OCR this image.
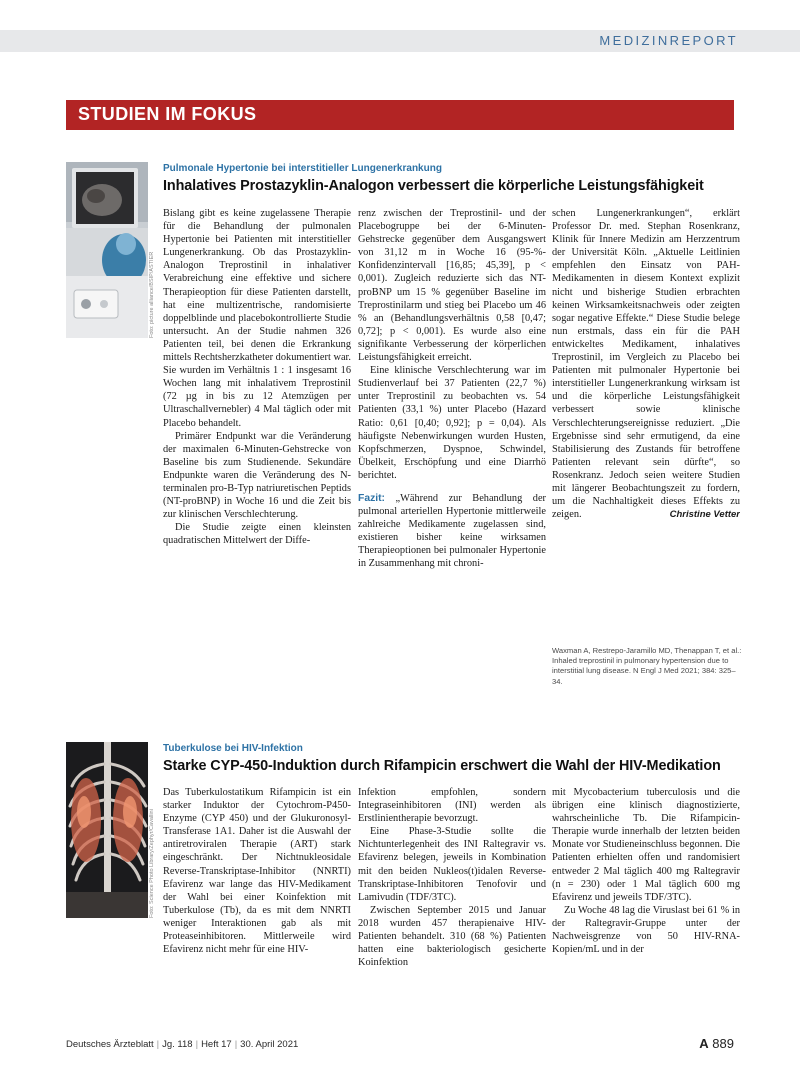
MEDIZINREPORT
STUDIEN IM FOKUS
Foto: picture alliance/BSIP/ASTIER
Pulmonale Hypertonie bei interstitieller Lungenerkrankung
Inhalatives Prostazyklin-Analogon verbessert die körperliche Leistungsfähigkeit

Bislang gibt es keine zugelassene Therapie für die Behandlung der pulmonalen Hypertonie bei Patienten mit interstitieller Lungenerkrankung. Ob das Prostazyklin-Analogon Treprostinil in inhalativer Verabreichung eine effektive und sichere Therapieoption für diese Patienten darstellt, hat eine multizentrische, randomisierte doppelblinde und placebokontrollierte Studie untersucht. An der Studie nahmen 326 Patienten teil, bei denen die Erkrankung mittels Rechtsherzkatheter dokumentiert war. Sie wurden im Verhältnis 1 : 1 insgesamt 16 Wochen lang mit inhalativem Treprostinil (72 µg in bis zu 12 Atemzügen per Ultraschallvernebler) 4 Mal täglich oder mit Placebo behandelt.

Primärer Endpunkt war die Veränderung der maximalen 6-Minuten-Gehstrecke von Baseline bis zum Studienende. Sekundäre Endpunkte waren die Veränderung des N-terminalen pro-B-Typ natriuretischen Peptids (NT-proBNP) in Woche 16 und die Zeit bis zur klinischen Verschlechterung.

Die Studie zeigte einen kleinsten quadratischen Mittelwert der Diffe-

renz zwischen der Treprostinil- und der Placebogruppe bei der 6-Minuten-Gehstrecke gegenüber dem Ausgangswert von 31,12 m in Woche 16 (95-%-Konfidenzintervall [16,85; 45,39], p < 0,001). Zugleich reduzierte sich das NT-proBNP um 15 % gegenüber Baseline im Treprostinilarm und stieg bei Placebo um 46 % an (Behandlungsverhältnis 0,58 [0,47; 0,72]; p < 0,001). Es wurde also eine signifikante Verbesserung der körperlichen Leistungsfähigkeit erreicht.

Eine klinische Verschlechterung war im Studienverlauf bei 37 Patienten (22,7 %) unter Treprostinil zu beobachten vs. 54 Patienten (33,1 %) unter Placebo (Hazard Ratio: 0,61 [0,40; 0,92]; p = 0,04). Als häufigste Nebenwirkungen wurden Husten, Kopfschmerzen, Dyspnoe, Schwindel, Übelkeit, Erschöpfung und eine Diarrhö berichtet.

Fazit: „Während zur Behandlung der pulmonal arteriellen Hypertonie mittlerweile zahlreiche Medikamente zugelassen sind, existieren bisher keine wirksamen Therapieoptionen bei pulmonaler Hypertonie in Zusammenhang mit chroni-

schen Lungenerkrankungen“, erklärt Professor Dr. med. Stephan Rosenkranz, Klinik für Innere Medizin am Herzzentrum der Universität Köln. „Aktuelle Leitlinien empfehlen den Einsatz von PAH-Medikamenten in diesem Kontext explizit nicht und bisherige Studien erbrachten keinen Wirksamkeitsnachweis oder zeigten sogar negative Effekte.“ Diese Studie belege nun erstmals, dass ein für die PAH entwickeltes Medikament, inhalatives Treprostinil, im Vergleich zu Placebo bei Patienten mit pulmonaler Hypertonie bei interstitieller Lungenerkrankung wirksam ist und die körperliche Leistungsfähigkeit verbessert sowie klinische Verschlechterungsereignisse reduziert. „Die Ergebnisse sind sehr ermutigend, da eine Stabilisierung des Zustands für betroffene Patienten relevant sein dürfte“, so Rosenkranz. Jedoch seien weitere Studien mit längerer Beobachtungszeit zu fordern, um die Nachhaltigkeit dieses Effekts zu zeigen.	Christine Vetter
Waxman A, Restrepo-Jaramillo MD, Thenappan T, et al.: Inhaled treprostinil in pulmonary hypertension due to interstitial lung disease. N Engl J Med 2021; 384: 325–34.
Foto: Science Photo Library/Zephyr/Cavallini
Tuberkulose bei HIV-Infektion
Starke CYP-450-Induktion durch Rifampicin erschwert die Wahl der HIV-Medikation

Das Tuberkulostatikum Rifampicin ist ein starker Induktor der Cytochrom-P450-Enzyme (CYP 450) und der Glukuronosyl-Transferase 1A1. Daher ist die Auswahl der antiretroviralen Therapie (ART) stark eingeschränkt. Der Nichtnukleosidale Reverse-Transkriptase-Inhibitor (NNRTI) Efavirenz war lange das HIV-Medikament der Wahl bei einer Koinfektion mit Tuberkulose (Tb), da es mit dem NNRTI weniger Interaktionen gab als mit Proteaseinhibitoren. Mittlerweile wird Efavirenz nicht mehr für eine HIV-

Infektion empfohlen, sondern Integraseinhibitoren (INI) werden als Erstlinientherapie bevorzugt.

Eine Phase-3-Studie sollte die Nichtunterlegenheit des INI Raltegravir vs. Efavirenz belegen, jeweils in Kombination mit den beiden Nukleos(t)idalen Reverse-Transkriptase-Inhibitoren Tenofovir und Lamivudin (TDF/3TC).

Zwischen September 2015 und Januar 2018 wurden 457 therapienaive HIV-Patienten behandelt. 310 (68 %) Patienten hatten eine bakteriologisch gesicherte Koinfektion

mit Mycobacterium tuberculosis und die übrigen eine klinisch diagnostizierte, wahrscheinliche Tb. Die Rifampicin-Therapie wurde innerhalb der letzten beiden Monate vor Studieneinschluss begonnen. Die Patienten erhielten offen und randomisiert entweder 2 Mal täglich 400 mg Raltegravir (n = 230) oder 1 Mal täglich 600 mg Efavirenz und jeweils TDF/3TC).

Zu Woche 48 lag die Viruslast bei 61 % in der Raltegravir-Gruppe unter der Nachweisgrenze von 50 HIV-RNA-Kopien/mL und in der

Deutsches Ärzteblatt | Jg. 118 | Heft 17 | 30. April 2021	A 889
